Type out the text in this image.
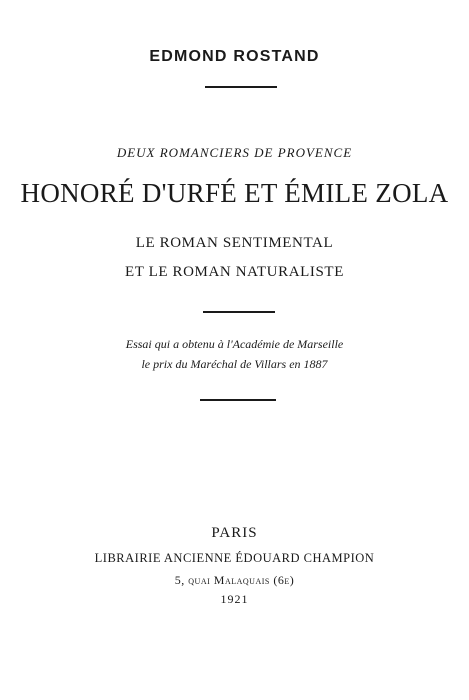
EDMOND ROSTAND

DEUX ROMANCIERS DE PROVENCE

HONORÉ D'URFÉ ET ÉMILE ZOLA

LE ROMAN SENTIMENTAL

ET LE ROMAN NATURALISTE

Essai qui a obtenu à l'Académie de Marseille

le prix du Maréchal de Villars en 1887

PARIS

LIBRAIRIE ANCIENNE ÉDOUARD CHAMPION

5, quai Malaquais (6e)

1921
